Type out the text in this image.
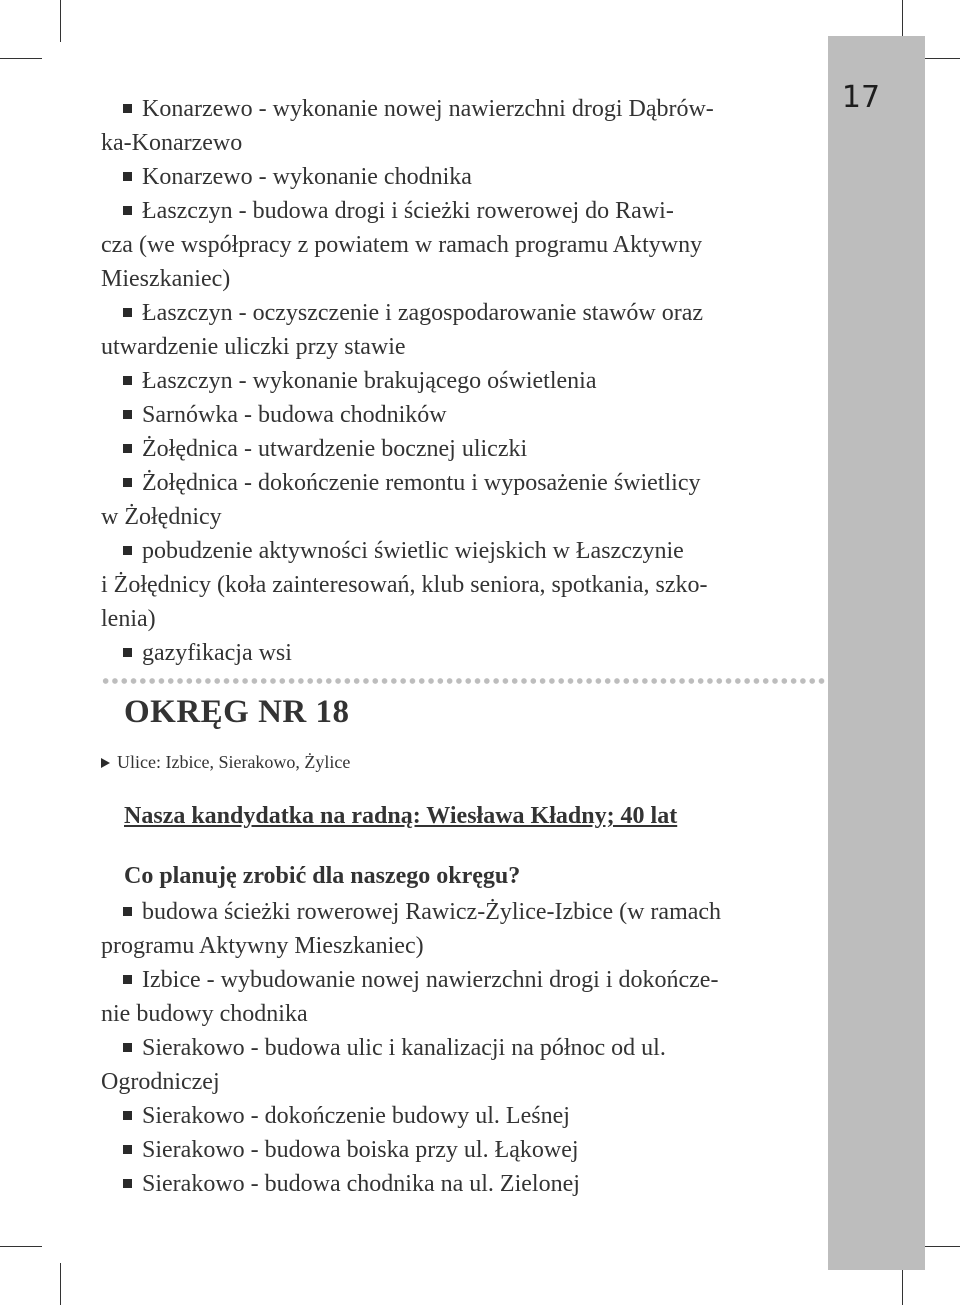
17

Konarzewo - wykonanie nowej nawierzchni drogi Dąbrów-

ka-Konarzewo

Konarzewo - wykonanie chodnika

Łaszczyn - budowa drogi i ścieżki rowerowej do Rawi-

cza (we współpracy z powiatem w ramach programu Aktywny

Mieszkaniec)

Łaszczyn - oczyszczenie i zagospodarowanie stawów oraz

utwardzenie uliczki przy stawie

Łaszczyn - wykonanie brakującego oświetlenia

Sarnówka - budowa chodników

Żołędnica - utwardzenie bocznej uliczki

Żołędnica - dokończenie remontu i wyposażenie świetlicy

w Żołędnicy

pobudzenie aktywności świetlic wiejskich w Łaszczynie

i Żołędnicy (koła zainteresowań, klub seniora, spotkania, szko-

lenia)

gazyfikacja wsi

OKRĘG NR 18
Ulice: Izbice, Sierakowo, Żylice
Nasza kandydatka na radną: Wiesława Kładny; 40 lat
Co planuję zrobić dla naszego okręgu?

budowa ścieżki rowerowej Rawicz-Żylice-Izbice (w ramach

programu Aktywny Mieszkaniec)

Izbice - wybudowanie nowej nawierzchni drogi i dokończe-

nie budowy chodnika

Sierakowo - budowa ulic i kanalizacji na północ od ul.

Ogrodniczej

Sierakowo - dokończenie budowy ul. Leśnej

Sierakowo - budowa boiska przy ul. Łąkowej

Sierakowo - budowa chodnika na ul. Zielonej
